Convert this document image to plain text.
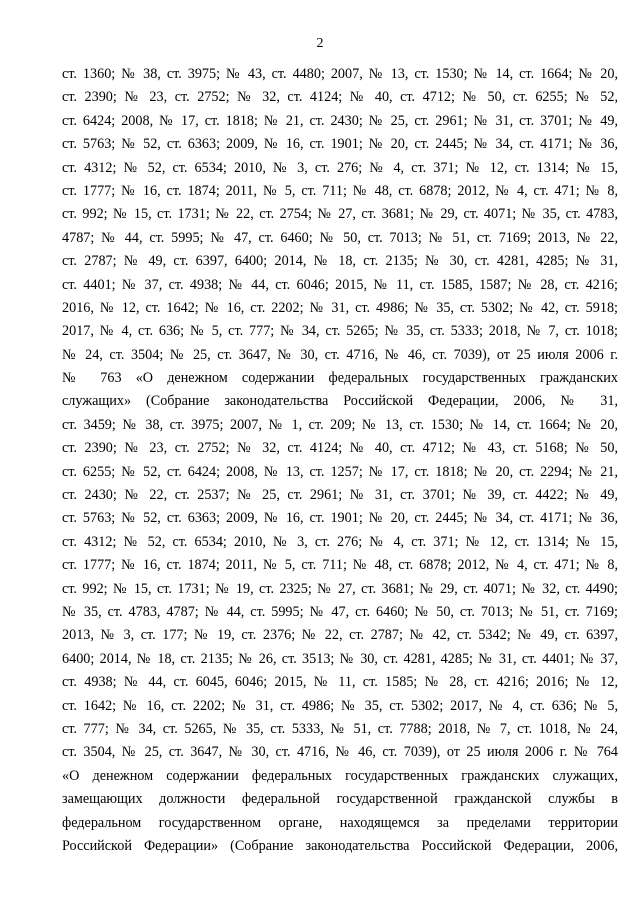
2
ст. 1360; № 38, ст. 3975; № 43, ст. 4480; 2007, № 13, ст. 1530; № 14, ст. 1664; № 20,
ст. 2390; № 23, ст. 2752; № 32, ст. 4124; № 40, ст. 4712; № 50, ст. 6255; № 52,
ст. 6424; 2008, № 17, ст. 1818; № 21, ст. 2430; № 25, ст. 2961; № 31, ст. 3701; № 49,
ст. 5763; № 52, ст. 6363; 2009, № 16, ст. 1901; № 20, ст. 2445; № 34, ст. 4171; № 36,
ст. 4312; № 52, ст. 6534; 2010, № 3, ст. 276; № 4, ст. 371; № 12, ст. 1314; № 15,
ст. 1777; № 16, ст. 1874; 2011, № 5, ст. 711; № 48, ст. 6878; 2012, № 4, ст. 471; № 8,
ст. 992; № 15, ст. 1731; № 22, ст. 2754; № 27, ст. 3681; № 29, ст. 4071; № 35, ст. 4783,
4787; № 44, ст. 5995; № 47, ст. 6460; № 50, ст. 7013; № 51, ст. 7169; 2013, № 22,
ст. 2787; № 49, ст. 6397, 6400; 2014, № 18, ст. 2135; № 30, ст. 4281, 4285; № 31,
ст. 4401; № 37, ст. 4938; № 44, ст. 6046; 2015, № 11, ст. 1585, 1587; № 28, ст. 4216;
2016, № 12, ст. 1642; № 16, ст. 2202; № 31, ст. 4986; № 35, ст. 5302; № 42, ст. 5918;
2017, № 4, ст. 636; № 5, ст. 777; № 34, ст. 5265; № 35, ст. 5333; 2018, № 7, ст. 1018;
№ 24, ст. 3504; № 25, ст. 3647, № 30, ст. 4716, № 46, ст. 7039), от 25 июля 2006 г.
№ 763 «О денежном содержании федеральных государственных гражданских
служащих» (Собрание законодательства Российской Федерации, 2006, № 31,
ст. 3459; № 38, ст. 3975; 2007, № 1, ст. 209; № 13, ст. 1530; № 14, ст. 1664; № 20,
ст. 2390; № 23, ст. 2752; № 32, ст. 4124; № 40, ст. 4712; № 43, ст. 5168; № 50,
ст. 6255; № 52, ст. 6424; 2008, № 13, ст. 1257; № 17, ст. 1818; № 20, ст. 2294; № 21,
ст. 2430; № 22, ст. 2537; № 25, ст. 2961; № 31, ст. 3701; № 39, ст. 4422; № 49,
ст. 5763; № 52, ст. 6363; 2009, № 16, ст. 1901; № 20, ст. 2445; № 34, ст. 4171; № 36,
ст. 4312; № 52, ст. 6534; 2010, № 3, ст. 276; № 4, ст. 371; № 12, ст. 1314; № 15,
ст. 1777; № 16, ст. 1874; 2011, № 5, ст. 711; № 48, ст. 6878; 2012, № 4, ст. 471; № 8,
ст. 992; № 15, ст. 1731; № 19, ст. 2325; № 27, ст. 3681; № 29, ст. 4071; № 32, ст. 4490;
№ 35, ст. 4783, 4787; № 44, ст. 5995; № 47, ст. 6460; № 50, ст. 7013; № 51, ст. 7169;
2013, № 3, ст. 177; № 19, ст. 2376; № 22, ст. 2787; № 42, ст. 5342; № 49, ст. 6397,
6400; 2014, № 18, ст. 2135; № 26, ст. 3513; № 30, ст. 4281, 4285; № 31, ст. 4401; № 37,
ст. 4938; № 44, ст. 6045, 6046; 2015, № 11, ст. 1585; № 28, ст. 4216; 2016; № 12,
ст. 1642; № 16, ст. 2202; № 31, ст. 4986; № 35, ст. 5302; 2017, № 4, ст. 636; № 5,
ст. 777; № 34, ст. 5265, № 35, ст. 5333, № 51, ст. 7788; 2018, № 7, ст. 1018, № 24,
ст. 3504, № 25, ст. 3647, № 30, ст. 4716, № 46, ст. 7039), от 25 июля 2006 г. № 764
«О денежном содержании федеральных государственных гражданских служащих,
замещающих должности федеральной государственной гражданской службы в
федеральном государственном органе, находящемся за пределами территории
Российской Федерации» (Собрание законодательства Российской Федерации, 2006,
